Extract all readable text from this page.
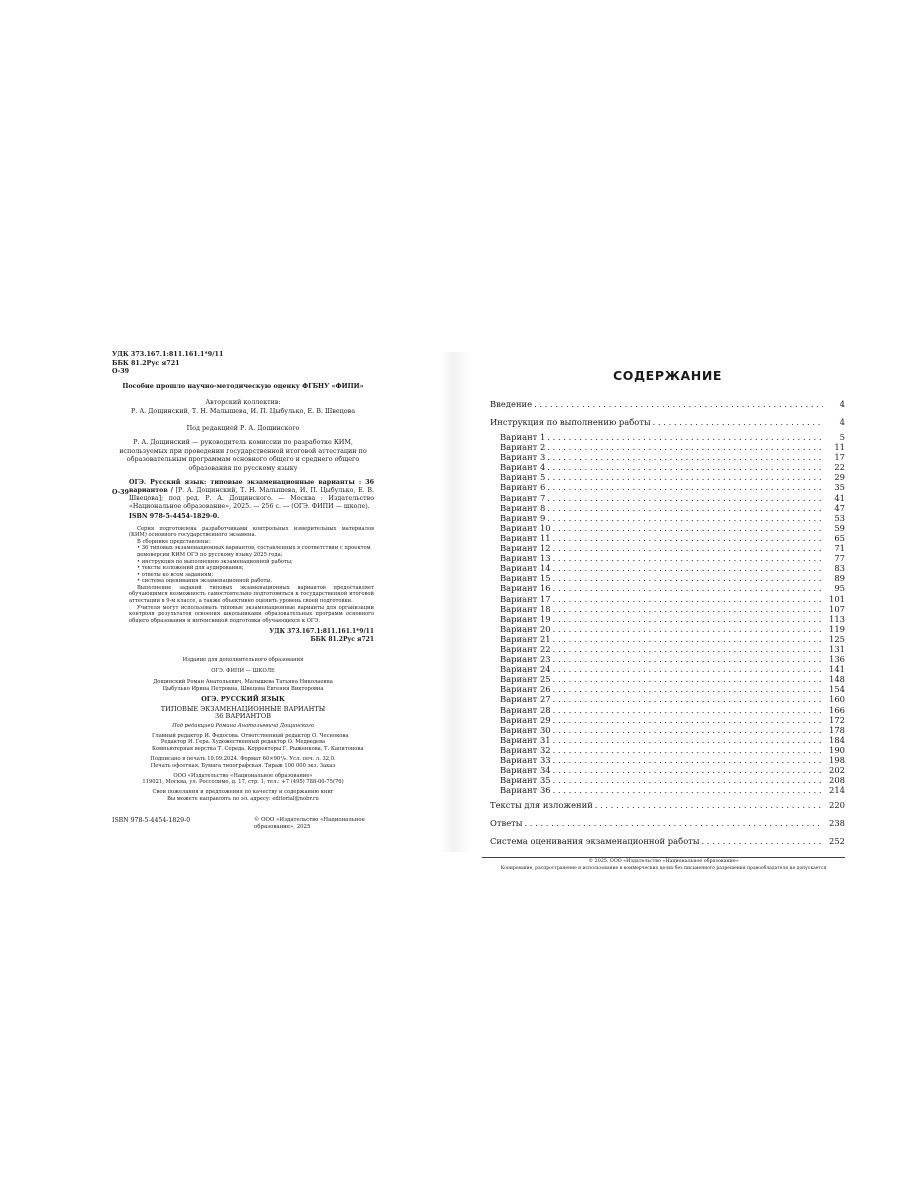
УДК 373.167.1:811.161.1*9/11
ББК 81.2Рус я721
О-39
Пособие прошло научно-методическую оценку ФГБНУ «ФИПИ»
Авторский коллектив:
Р. А. Дощинский, Т. Н. Малышева, И. П. Цыбулько, Е. В. Швецова
Под редакцией Р. А. Дощинского
Р. А. Дощинский — руководитель комиссии по разработке КИМ, используемых при проведении государственной итоговой аттестации по образовательным программам основного общего и среднего общего образования по русскому языку
О-39
ОГЭ. Русский язык: типовые экзаменационные варианты : 36 вариантов / [Р. А. Дощинский, Т. Н. Малышева, И. П. Цыбулько, Е. В. Швецова]; под ред. Р. А. Дощинского. — Москва : Издательство «Национальное образование», 2025. — 256 с. — (ОГЭ. ФИПИ — школе).
ISBN 978-5-4454-1829-0.

Серия подготовлена разработчиками контрольных измерительных материалов (КИМ) основного государственного экзамена.

В сборнике представлены:

• 36 типовых экзаменационных вариантов, составленных в соответствии с проектом демоверсии КИМ ОГЭ по русскому языку 2025 года;
• инструкция по выполнению экзаменационной работы;
• тексты изложений для аудирования;
• ответы ко всем заданиям;
• система оценивания экзаменационной работы.

Выполнение заданий типовых экзаменационных вариантов предоставляет обучающимся возможность самостоятельно подготовиться к государственной итоговой аттестации в 9-м классе, а также объективно оценить уровень своей подготовки.

Учителя могут использовать типовые экзаменационные варианты для организации контроля результатов освоения школьниками образовательных программ основного общего образования и интенсивной подготовки обучающихся к ОГЭ.

УДК 373.167.1:811.161.1*9/11
ББК 81.2Рус я721
Издание для дополнительного образования
ОГЭ. ФИПИ — ШКОЛЕ
Дощинский Роман Анатольевич, Малышева Татьяна Николаевна
Цыбулько Ирина Петровна, Швецова Евгения Викторовна
ОГЭ. РУССКИЙ ЯЗЫК
ТИПОВЫЕ ЭКЗАМЕНАЦИОННЫЕ ВАРИАНТЫ
36 ВАРИАНТОВ
Под редакцией Романа Анатольевича Дощинского
Главный редактор И. Федосова. Ответственный редактор О. Чеснокова
Редактор И. Гера. Художественный редактор О. Медведева
Компьютерная верстка Т. Середа. Корректоры Г. Рыженкова, Т. Капитонова
Подписано в печать 19.09.2024. Формат 60×90¹/₈. Усл. печ. л. 32,0.
Печать офсетная. Бумага типографская. Тираж 100 000 экз. Заказ
ООО «Издательство «Национальное образование»
119021, Москва, ул. Россолимо, д. 17, стр. 1, тел.: +7 (495) 788-00-75(76)
Свои пожелания и предложения по качеству и содержанию книг
Вы можете направлять по эл. адресу: editorial@nobr.ru
ISBN 978-5-4454-1829-0	© ООО «Издательство «Национальное образование», 2025
СОДЕРЖАНИЕ
Введение . . .	4
Инструкция по выполнению работы . . .	4
Вариант 1 . . .	5
Вариант 2 . . .	11
Вариант 3 . . .	17
Вариант 4 . . .	22
Вариант 5 . . .	29
Вариант 6 . . .	35
Вариант 7 . . .	41
Вариант 8 . . .	47
Вариант 9 . . .	53
Вариант 10 . . .	59
Вариант 11 . . .	65
Вариант 12 . . .	71
Вариант 13 . . .	77
Вариант 14 . . .	83
Вариант 15 . . .	89
Вариант 16 . . .	95
Вариант 17 . . .	101
Вариант 18 . . .	107
Вариант 19 . . .	113
Вариант 20 . . .	119
Вариант 21 . . .	125
Вариант 22 . . .	131
Вариант 23 . . .	136
Вариант 24 . . .	141
Вариант 25 . . .	148
Вариант 26 . . .	154
Вариант 27 . . .	160
Вариант 28 . . .	166
Вариант 29 . . .	172
Вариант 30 . . .	178
Вариант 31 . . .	184
Вариант 32 . . .	190
Вариант 33 . . .	198
Вариант 34 . . .	202
Вариант 35 . . .	208
Вариант 36 . . .	214
Тексты для изложений . . .	220
Ответы . . .	238
Система оценивания экзаменационной работы . . .	252
© 2025. ООО «Издательство «Национальное образование»
Копирование, распространение и использование в коммерческих целях без письменного разрешения правообладателя не допускается
